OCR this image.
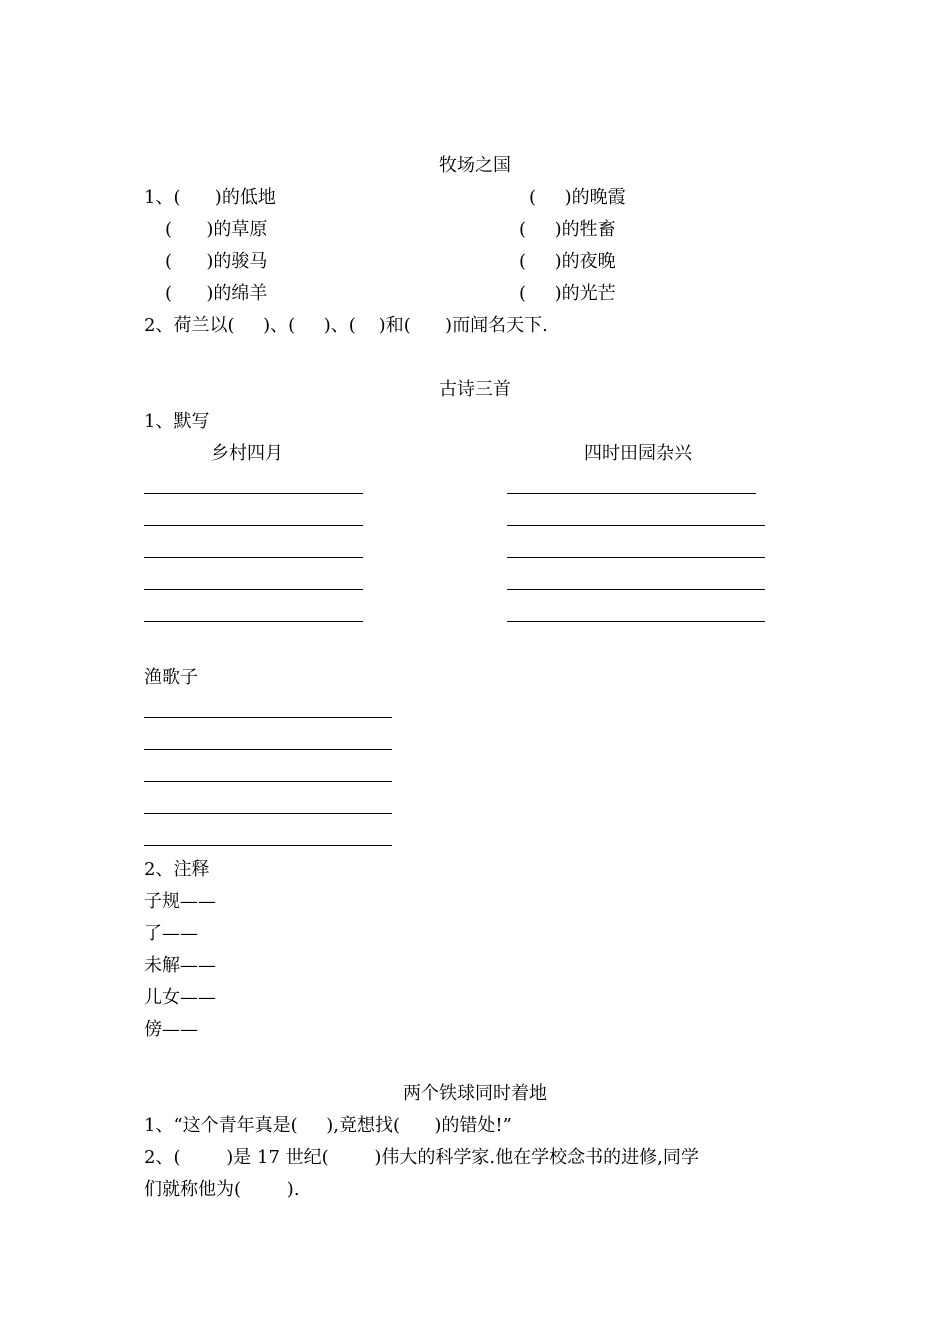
牧场之国
1、(      )的低地	(     )的晚霞
(      )的草原	(     )的牲畜
(      )的骏马	(     )的夜晚
(      )的绵羊	(     )的光芒
2、荷兰以(     )、(     )、(    )和(      )而闻名天下.
古诗三首
1、默写
乡村四月	四时田园杂兴
渔歌子
2、注释
子规——
了——
未解——
儿女——
傍——
两个铁球同时着地
1、“这个青年真是(     ),竟想找(      )的错处!”
2、(        )是 17 世纪(        )伟大的科学家.他在学校念书的进修,同学
们就称他为(        ).
